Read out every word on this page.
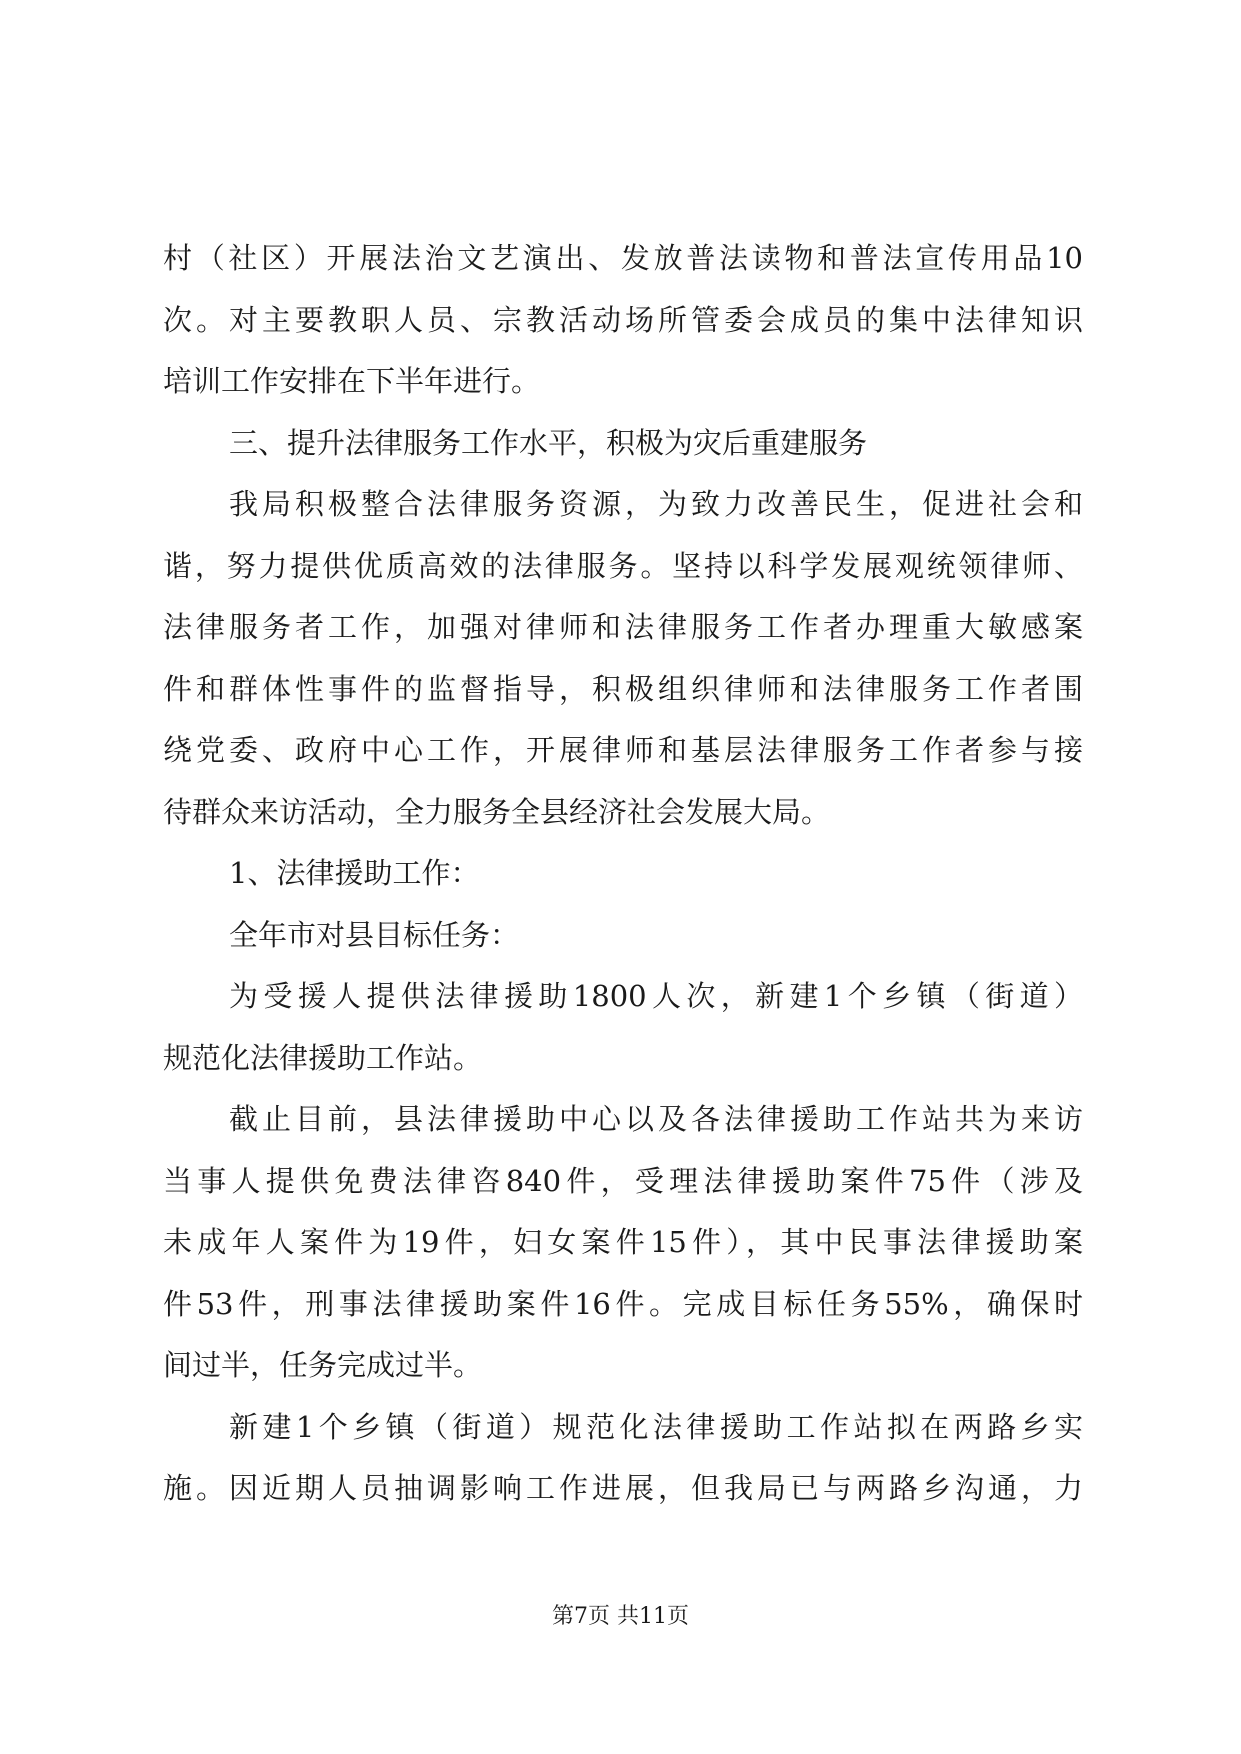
村（社区）开展法治文艺演出、发放普法读物和普法宣传用品10
次。对主要教职人员、宗教活动场所管委会成员的集中法律知识
培训工作安排在下半年进行。
三、提升法律服务工作水平，积极为灾后重建服务
我局积极整合法律服务资源，为致力改善民生，促进社会和
谐，努力提供优质高效的法律服务。坚持以科学发展观统领律师、
法律服务者工作，加强对律师和法律服务工作者办理重大敏感案
件和群体性事件的监督指导，积极组织律师和法律服务工作者围
绕党委、政府中心工作，开展律师和基层法律服务工作者参与接
待群众来访活动，全力服务全县经济社会发展大局。
1、法律援助工作：
全年市对县目标任务：
为受援人提供法律援助1800人次，新建1个乡镇（街道）
规范化法律援助工作站。
截止目前，县法律援助中心以及各法律援助工作站共为来访
当事人提供免费法律咨840件，受理法律援助案件75件（涉及
未成年人案件为19件，妇女案件15件），其中民事法律援助案
件53件，刑事法律援助案件16件。完成目标任务55%，确保时
间过半，任务完成过半。
新建1个乡镇（街道）规范化法律援助工作站拟在两路乡实
施。因近期人员抽调影响工作进展，但我局已与两路乡沟通，力
第7页 共11页
